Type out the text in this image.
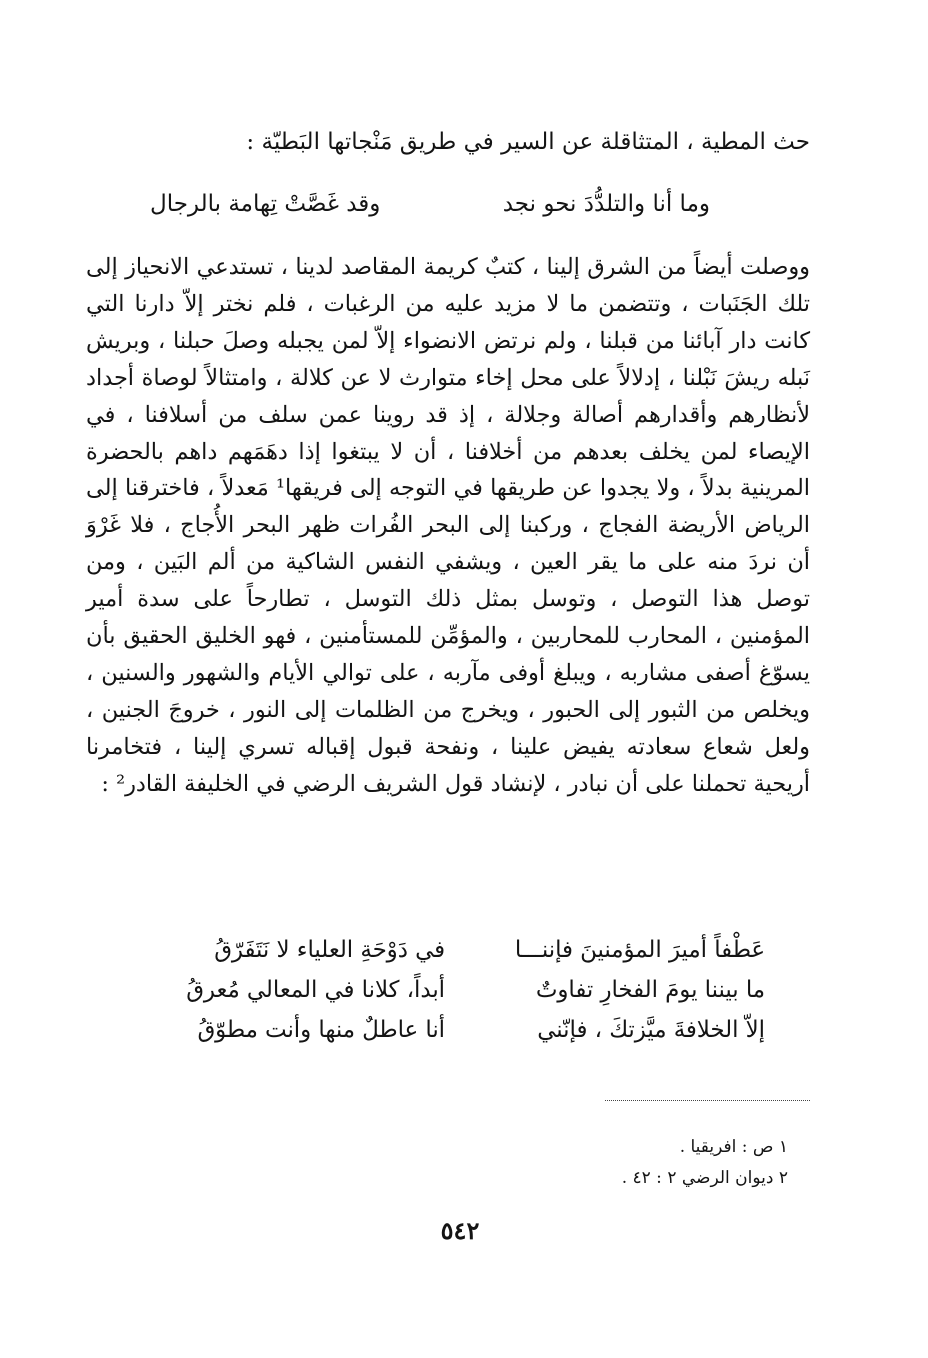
حث المطية ، المتثاقلة عن السير في طريق مَنْجاتها البَطيّة :
وما أنا والتلدُّدَ نحو نجد
وقد غَصَّتْ تِهامة بالرجال

ووصلت أيضاً من الشرق إلينا ، كتبٌ كريمة المقاصد لدينا ، تستدعي الانحياز إلى تلك الجَنَبات ، وتتضمن ما لا مزيد عليه من الرغبات ، فلم نختر إلاّ دارنا التي كانت دار آبائنا من قبلنا ، ولم نرتض الانضواء إلاّ لمن يجبله وصلَ حبلنا ، وبريش نَبله ريشَ نَبْلنا ، إدلالاً على محل إخاء متوارث لا عن كلالة ، وامتثالاً لوصاة أجداد لأنظارهم وأقدارهم أصالة وجلالة ، إذ قد روينا عمن سلف من أسلافنا ، في الإيصاء لمن يخلف بعدهم من أخلافنا ، أن لا يبتغوا إذا دهَمَهم داهم بالحضرة المرينية بدلاً ، ولا يجدوا عن طريقها في التوجه إلى فريقها¹ مَعدلاً ، فاخترقنا إلى الرياض الأريضة الفجاج ، وركبنا إلى البحر الفُرات ظهر البحر الأُجاج ، فلا غَرْوَ أن نردَ منه على ما يقر العين ، ويشفي النفس الشاكية من ألم البَين ، ومن توصل هذا التوصل ، وتوسل بمثل ذلك التوسل ، تطارحاً على سدة أمير المؤمنين ، المحارب للمحاربين ، والمؤمِّن للمستأمنين ، فهو الخليق الحقيق بأن يسوّغ أصفى مشاربه ، ويبلغ أوفى مآربه ، على توالي الأيام والشهور والسنين ، ويخلص من الثبور إلى الحبور ، ويخرج من الظلمات إلى النور ، خروجَ الجنين ، ولعل شعاع سعادته يفيض علينا ، ونفحة قبول إقباله تسري إلينا ، فتخامرنا أريحية تحملنا على أن نبادر ، لإنشاد قول الشريف الرضي في الخليفة القادر² :

عَطْفاً أميرَ المؤمنينَ فإننـــا
في دَوْحَةِ العلياء لا نَتَفَرّقُ
ما بيننا يومَ الفخارِ تفاوتٌ
أبداً، كلانا في المعالي مُعرقُ
إلاّ الخلافةَ ميَّزتكَ ، فإنّني
أنا عاطلٌ منها وأنت مطوّقُ
١ ص : افريقيا .
٢ ديوان الرضي ٢ : ٤٢ .
٥٤٢
